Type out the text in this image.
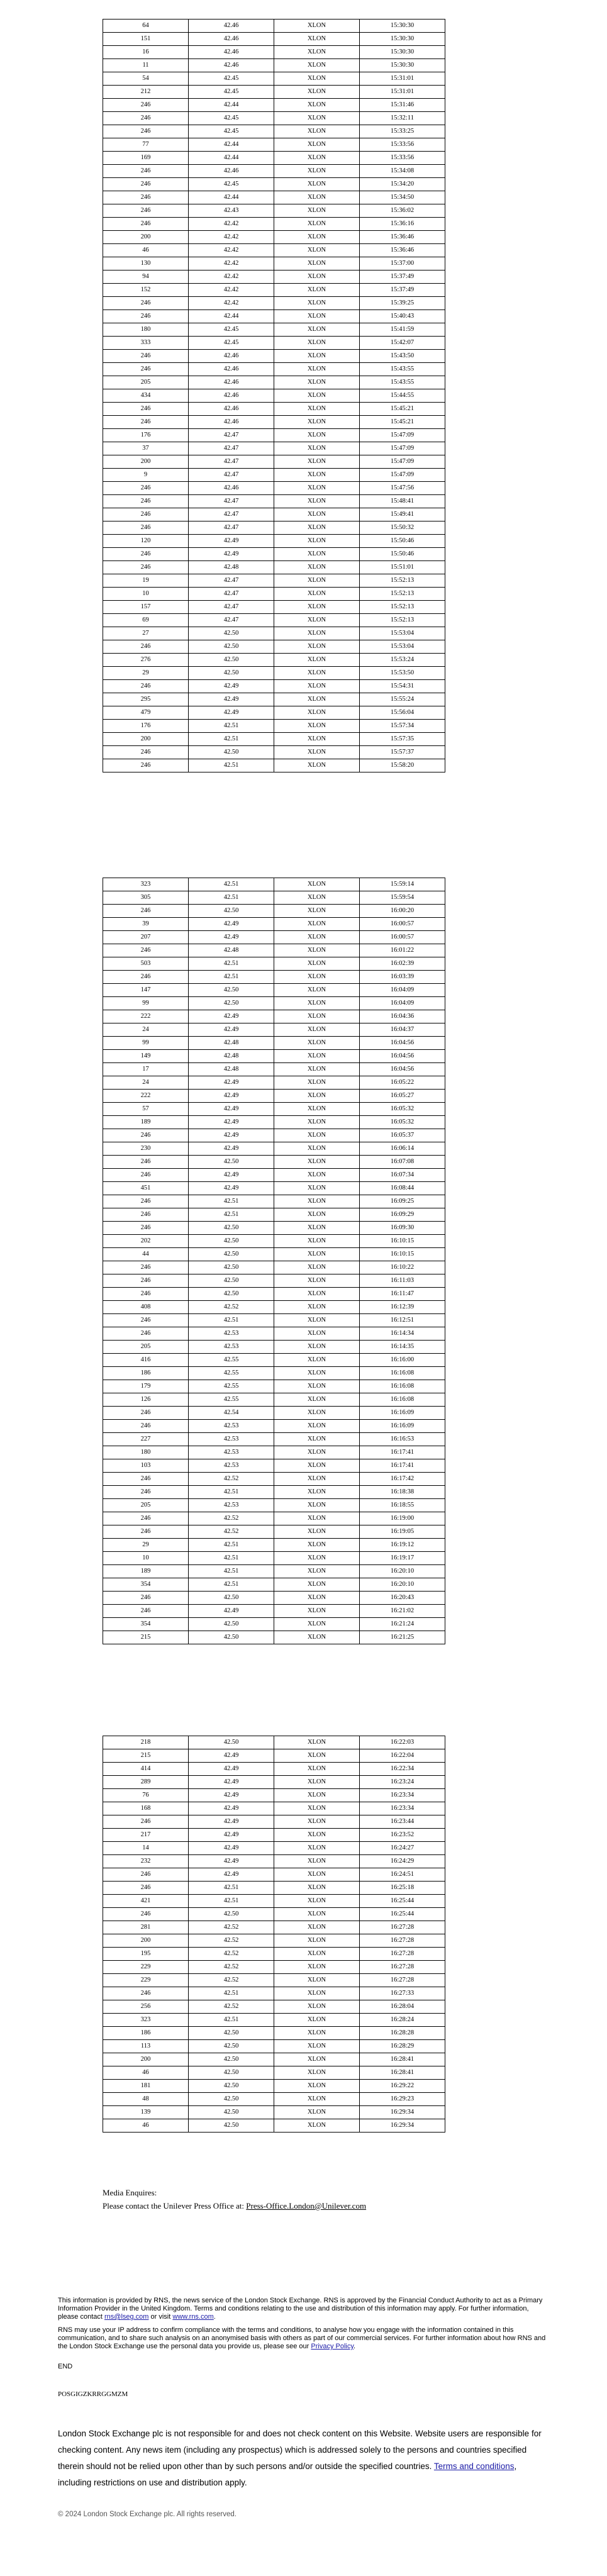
64	42.46	XLON	15:30:30
151	42.46	XLON	15:30:30
16	42.46	XLON	15:30:30
11	42.46	XLON	15:30:30
54	42.45	XLON	15:31:01
212	42.45	XLON	15:31:01
246	42.44	XLON	15:31:46
246	42.45	XLON	15:32:11
246	42.45	XLON	15:33:25
77	42.44	XLON	15:33:56
169	42.44	XLON	15:33:56
246	42.46	XLON	15:34:08
246	42.45	XLON	15:34:20
246	42.44	XLON	15:34:50
246	42.43	XLON	15:36:02
246	42.42	XLON	15:36:16
200	42.42	XLON	15:36:46
46	42.42	XLON	15:36:46
130	42.42	XLON	15:37:00
94	42.42	XLON	15:37:49
152	42.42	XLON	15:37:49
246	42.42	XLON	15:39:25
246	42.44	XLON	15:40:43
180	42.45	XLON	15:41:59
333	42.45	XLON	15:42:07
246	42.46	XLON	15:43:50
246	42.46	XLON	15:43:55
205	42.46	XLON	15:43:55
434	42.46	XLON	15:44:55
246	42.46	XLON	15:45:21
246	42.46	XLON	15:45:21
176	42.47	XLON	15:47:09
37	42.47	XLON	15:47:09
200	42.47	XLON	15:47:09
9	42.47	XLON	15:47:09
246	42.46	XLON	15:47:56
246	42.47	XLON	15:48:41
246	42.47	XLON	15:49:41
246	42.47	XLON	15:50:32
120	42.49	XLON	15:50:46
246	42.49	XLON	15:50:46
246	42.48	XLON	15:51:01
19	42.47	XLON	15:52:13
10	42.47	XLON	15:52:13
157	42.47	XLON	15:52:13
69	42.47	XLON	15:52:13
27	42.50	XLON	15:53:04
246	42.50	XLON	15:53:04
276	42.50	XLON	15:53:24
29	42.50	XLON	15:53:50
246	42.49	XLON	15:54:31
295	42.49	XLON	15:55:24
479	42.49	XLON	15:56:04
176	42.51	XLON	15:57:34
200	42.51	XLON	15:57:35
246	42.50	XLON	15:57:37
246	42.51	XLON	15:58:20
323	42.51	XLON	15:59:14
305	42.51	XLON	15:59:54
246	42.50	XLON	16:00:20
39	42.49	XLON	16:00:57
207	42.49	XLON	16:00:57
246	42.48	XLON	16:01:22
503	42.51	XLON	16:02:39
246	42.51	XLON	16:03:39
147	42.50	XLON	16:04:09
99	42.50	XLON	16:04:09
222	42.49	XLON	16:04:36
24	42.49	XLON	16:04:37
99	42.48	XLON	16:04:56
149	42.48	XLON	16:04:56
17	42.48	XLON	16:04:56
24	42.49	XLON	16:05:22
222	42.49	XLON	16:05:27
57	42.49	XLON	16:05:32
189	42.49	XLON	16:05:32
246	42.49	XLON	16:05:37
230	42.49	XLON	16:06:14
246	42.50	XLON	16:07:08
246	42.49	XLON	16:07:34
451	42.49	XLON	16:08:44
246	42.51	XLON	16:09:25
246	42.51	XLON	16:09:29
246	42.50	XLON	16:09:30
202	42.50	XLON	16:10:15
44	42.50	XLON	16:10:15
246	42.50	XLON	16:10:22
246	42.50	XLON	16:11:03
246	42.50	XLON	16:11:47
408	42.52	XLON	16:12:39
246	42.51	XLON	16:12:51
246	42.53	XLON	16:14:34
205	42.53	XLON	16:14:35
416	42.55	XLON	16:16:00
186	42.55	XLON	16:16:08
179	42.55	XLON	16:16:08
126	42.55	XLON	16:16:08
246	42.54	XLON	16:16:09
246	42.53	XLON	16:16:09
227	42.53	XLON	16:16:53
180	42.53	XLON	16:17:41
103	42.53	XLON	16:17:41
246	42.52	XLON	16:17:42
246	42.51	XLON	16:18:38
205	42.53	XLON	16:18:55
246	42.52	XLON	16:19:00
246	42.52	XLON	16:19:05
29	42.51	XLON	16:19:12
10	42.51	XLON	16:19:17
189	42.51	XLON	16:20:10
354	42.51	XLON	16:20:10
246	42.50	XLON	16:20:43
246	42.49	XLON	16:21:02
354	42.50	XLON	16:21:24
215	42.50	XLON	16:21:25
218	42.50	XLON	16:22:03
215	42.49	XLON	16:22:04
414	42.49	XLON	16:22:34
289	42.49	XLON	16:23:24
76	42.49	XLON	16:23:34
168	42.49	XLON	16:23:34
246	42.49	XLON	16:23:44
217	42.49	XLON	16:23:52
14	42.49	XLON	16:24:27
232	42.49	XLON	16:24:29
246	42.49	XLON	16:24:51
246	42.51	XLON	16:25:18
421	42.51	XLON	16:25:44
246	42.50	XLON	16:25:44
281	42.52	XLON	16:27:28
200	42.52	XLON	16:27:28
195	42.52	XLON	16:27:28
229	42.52	XLON	16:27:28
229	42.52	XLON	16:27:28
246	42.51	XLON	16:27:33
256	42.52	XLON	16:28:04
323	42.51	XLON	16:28:24
186	42.50	XLON	16:28:28
113	42.50	XLON	16:28:29
200	42.50	XLON	16:28:41
46	42.50	XLON	16:28:41
181	42.50	XLON	16:29:22
48	42.50	XLON	16:29:23
139	42.50	XLON	16:29:34
46	42.50	XLON	16:29:34
Media Enquires:
Please contact the Unilever Press Office at: Press-Office.London@Unilever.com
This information is provided by RNS, the news service of the London Stock Exchange. RNS is approved by the Financial Conduct Authority to act as a Primary Information Provider in the United Kingdom. Terms and conditions relating to the use and distribution of this information may apply. For further information, please contact rns@lseg.com or visit www.rns.com.
RNS may use your IP address to confirm compliance with the terms and conditions, to analyse how you engage with the information contained in this communication, and to share such analysis on an anonymised basis with others as part of our commercial services. For further information about how RNS and the London Stock Exchange use the personal data you provide us, please see our Privacy Policy.
END
POSGIGZKRRGGMZM
London Stock Exchange plc is not responsible for and does not check content on this Website. Website users are responsible for checking content. Any news item (including any prospectus) which is addressed solely to the persons and countries specified therein should not be relied upon other than by such persons and/or outside the specified countries. Terms and conditions, including restrictions on use and distribution apply.
© 2024 London Stock Exchange plc. All rights reserved.
